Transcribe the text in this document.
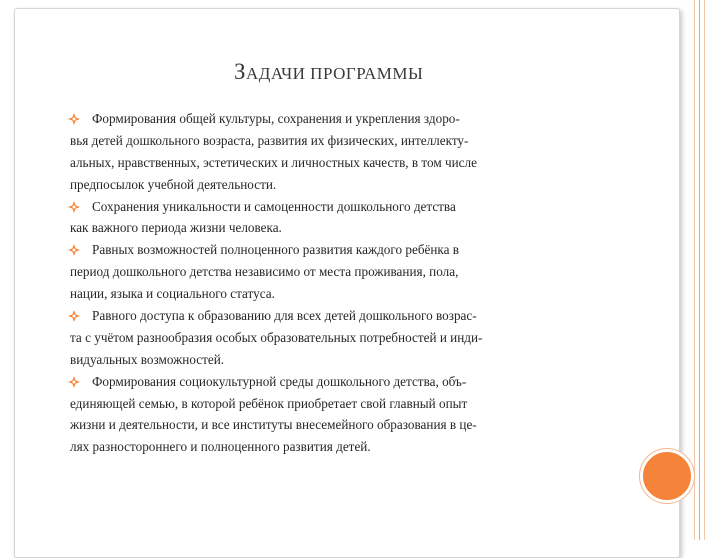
ЗАДАЧИ ПРОГРАММЫ
Формирования общей культуры, сохранения и укрепления здоро-
вья детей дошкольного возраста, развития их физических, интеллекту-
альных, нравственных, эстетических и личностных качеств, в том числе
предпосылок учебной деятельности.
Сохранения уникальности и самоценности дошкольного детства
как важного периода жизни человека.
Равных возможностей полноценного развития каждого ребёнка в
период дошкольного детства независимо от места проживания, пола,
нации, языка и социального статуса.
Равного доступа к образованию для всех детей дошкольного возрас-
та с учётом разнообразия особых образовательных потребностей и инди-
видуальных возможностей.
Формирования социокультурной среды дошкольного детства, объ-
единяющей семью, в которой ребёнок приобретает свой главный опыт
жизни и деятельности, и все институты внесемейного образования в це-
лях разностороннего и полноценного развития детей.
